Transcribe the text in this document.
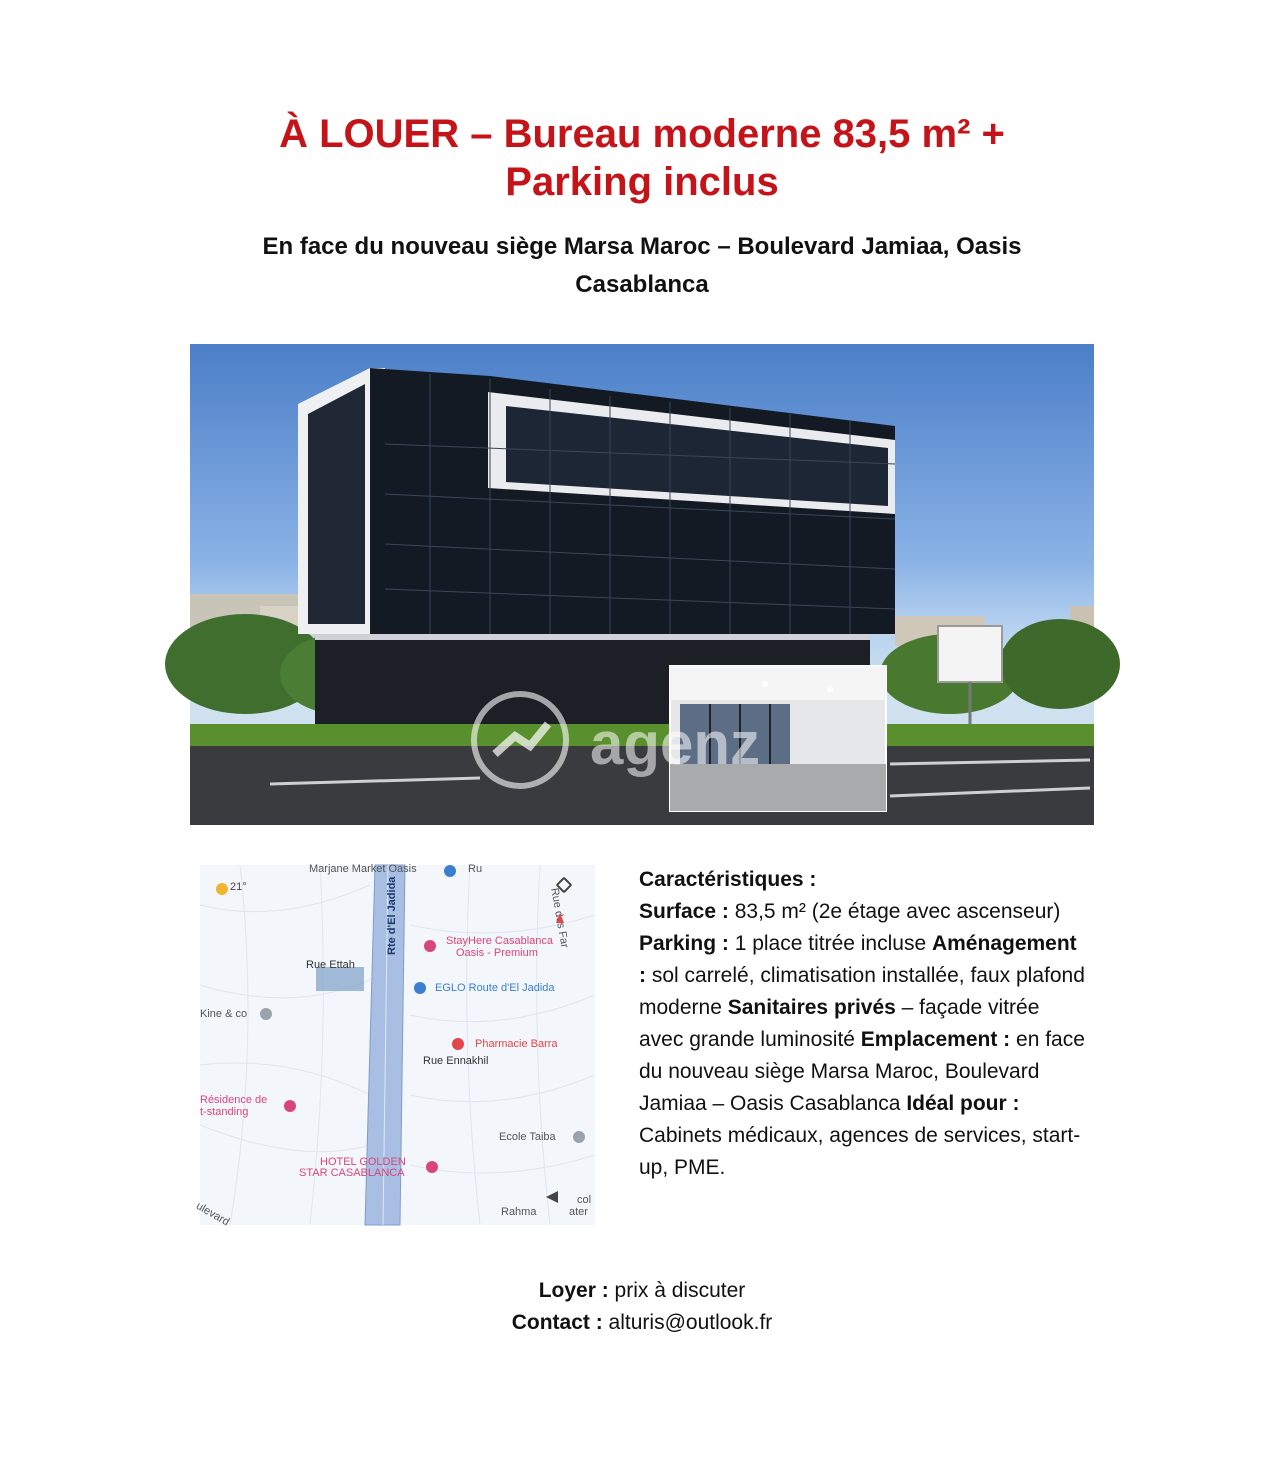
À LOUER – Bureau moderne 83,5 m² +
Parking inclus

En face du nouveau siège Marsa Maroc – Boulevard Jamiaa, Oasis
Casablanca

agenz
21°
Marjane Market Oasis	Ru
Rue des Far
Rte d'El Jadida	StayHere Casablanca
Oasis - Premium
Rue Ettah
EGLO Route d'El Jadida
Kine & co
Pharmacie Barra
Rue Ennakhil
Résidence de
t-standing
Ecole Taiba
HOTEL GOLDEN
STAR CASABLANCA
ulevard	Rahma
col
ater

Caractéristiques :
Surface : 83,5 m² (2e étage avec ascenseur) Parking : 1 place titrée incluse Aménagement : sol carrelé, climatisation installée, faux plafond moderne Sanitaires privés – façade vitrée avec grande luminosité Emplacement : en face du nouveau siège Marsa Maroc, Boulevard Jamiaa – Oasis Casablanca Idéal pour : Cabinets médicaux, agences de services, start-up, PME.

Loyer : prix à discuter
Contact : alturis@outlook.fr
